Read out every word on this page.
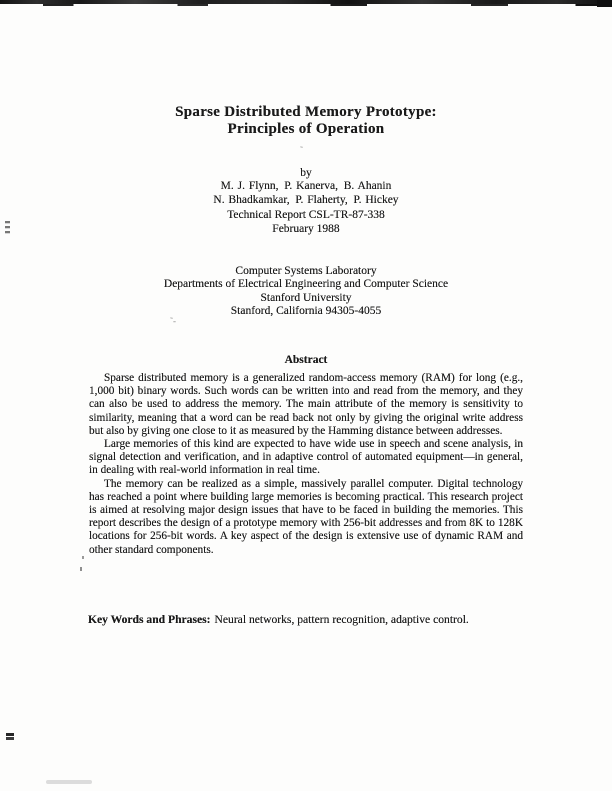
˜
˜-
Sparse Distributed Memory Prototype:
Principles of Operation
by
M. J. Flynn, P. Kanerva, B. Ahanin
N. Bhadkamkar, P. Flaherty, P. Hickey
Technical Report CSL-TR-87-338
February 1988
Computer Systems Laboratory
Departments of Electrical Engineering and Computer Science
Stanford University
Stanford, California 94305-4055
Abstract

Sparse distributed memory is a generalized random-access memory (RAM) for long (e.g., 1,000 bit) binary words. Such words can be written into and read from the memory, and they can also be used to address the memory. The main attribute of the memory is sensitivity to similarity, meaning that a word can be read back not only by giving the original write address but also by giving one close to it as measured by the Hamming distance between addresses.

Large memories of this kind are expected to have wide use in speech and scene analysis, in signal detection and verification, and in adaptive control of automated equipment—in general, in dealing with real-world information in real time.

The memory can be realized as a simple, massively parallel computer. Digital technology has reached a point where building large memories is becoming practical. This research project is aimed at resolving major design issues that have to be faced in building the memories. This report describes the design of a prototype memory with 256-bit addresses and from 8K to 128K locations for 256-bit words. A key aspect of the design is extensive use of dynamic RAM and other standard components.

Key Words and Phrases: Neural networks, pattern recognition, adaptive control.
